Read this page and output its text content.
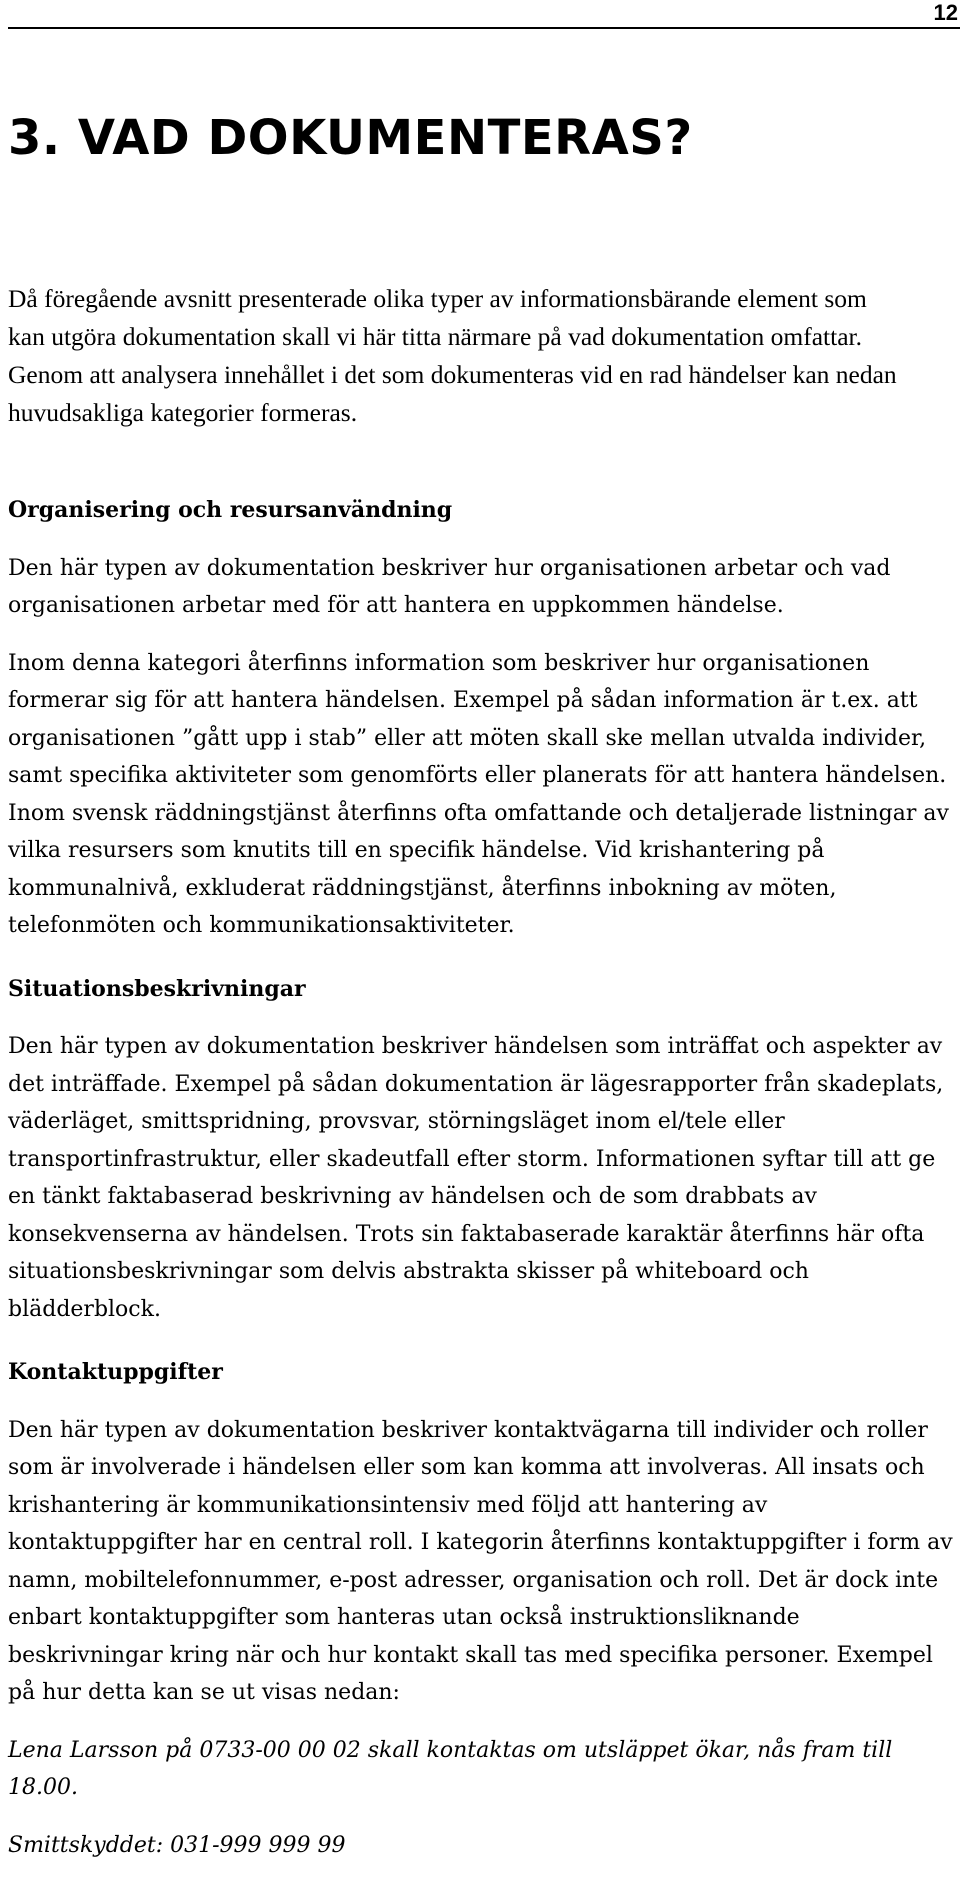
12
3. VAD DOKUMENTERAS?

Då föregående avsnitt presenterade olika typer av informationsbärande element som kan utgöra dokumentation skall vi här titta närmare på vad dokumentation omfattar. Genom att analysera innehållet i det som dokumenteras vid en rad händelser kan nedan huvudsakliga kategorier formeras.

Organisering och resursanvändning

Den här typen av dokumentation beskriver hur organisationen arbetar och vad organisationen arbetar med för att hantera en uppkommen händelse.

Inom denna kategori återfinns information som beskriver hur organisationen formerar sig för att hantera händelsen. Exempel på sådan information är t.ex. att organisationen ”gått upp i stab” eller att möten skall ske mellan utvalda individer, samt specifika aktiviteter som genomförts eller planerats för att hantera händelsen. Inom svensk räddningstjänst återfinns ofta omfattande och detaljerade listningar av vilka resursers som knutits till en specifik händelse. Vid krishantering på kommunalnivå, exkluderat räddningstjänst, återfinns inbokning av möten, telefonmöten och kommunikationsaktiviteter.

Situationsbeskrivningar

Den här typen av dokumentation beskriver händelsen som inträffat och aspekter av det inträffade. Exempel på sådan dokumentation är lägesrapporter från skadeplats, väderläget, smittspridning, provsvar, störningsläget inom el/tele eller transportinfrastruktur, eller skadeutfall efter storm. Informationen syftar till att ge en tänkt faktabaserad beskrivning av händelsen och de som drabbats av konsekvenserna av händelsen. Trots sin faktabaserade karaktär återfinns här ofta situationsbeskrivningar som delvis abstrakta skisser på whiteboard och blädderblock.

Kontaktuppgifter

Den här typen av dokumentation beskriver kontaktvägarna till individer och roller som är involverade i händelsen eller som kan komma att involveras. All insats och krishantering är kommunikationsintensiv med följd att hantering av kontaktuppgifter har en central roll. I kategorin återfinns kontaktuppgifter i form av namn, mobiltelefonnummer, e-post adresser, organisation och roll. Det är dock inte enbart kontaktuppgifter som hanteras utan också instruktionsliknande beskrivningar kring när och hur kontakt skall tas med specifika personer. Exempel på hur detta kan se ut visas nedan:

Lena Larsson på 0733-00 00 02 skall kontaktas om utsläppet ökar, nås fram till 18.00.

Smittskyddet: 031-999 999 99
